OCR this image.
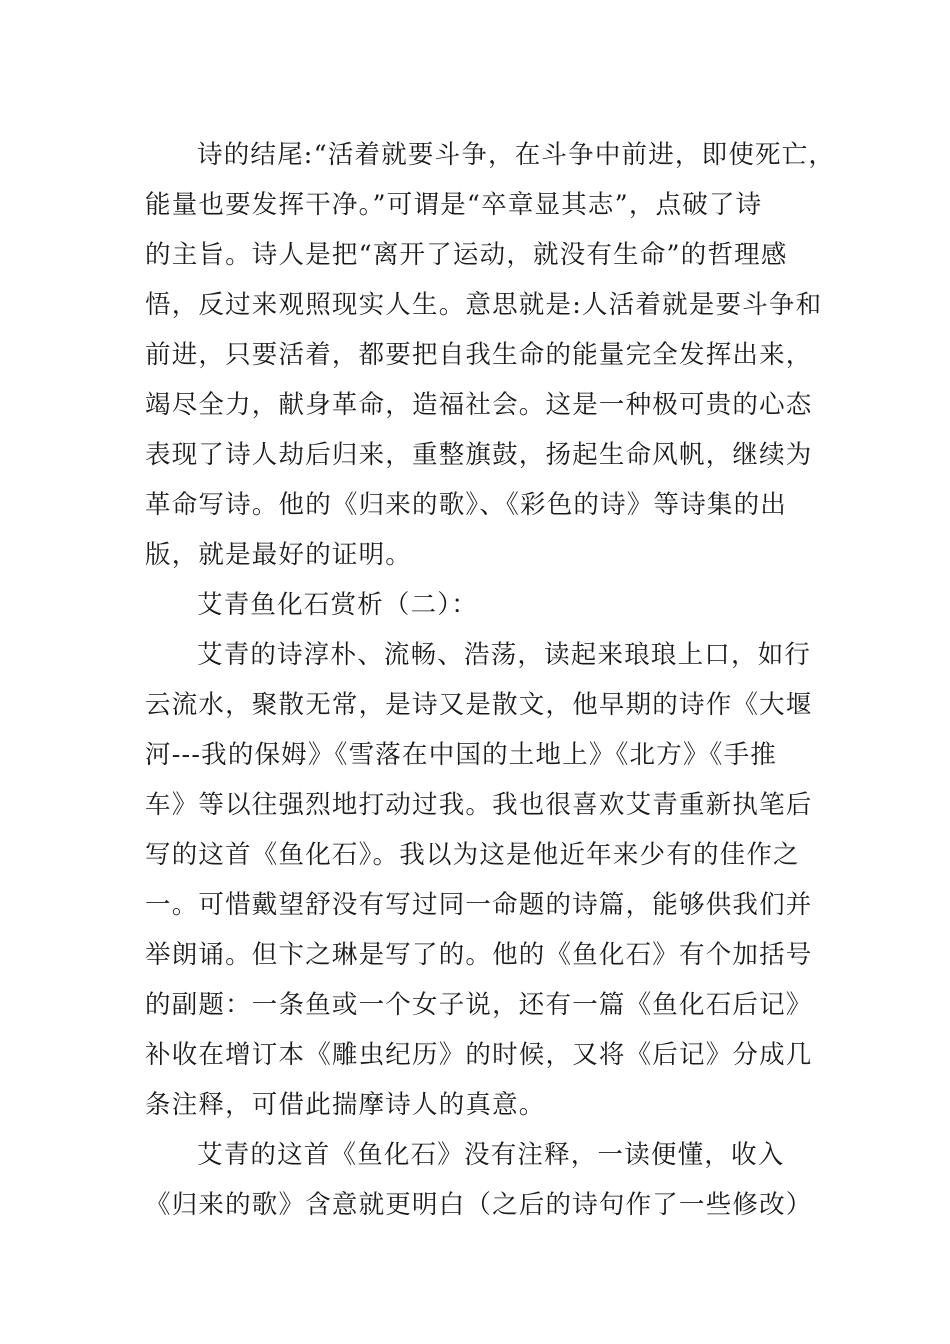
诗的结尾:“活着就要斗争，在斗争中前进，即使死亡，
能量也要发挥干净。”可谓是“卒章显其志”，点破了诗
的主旨。诗人是把“离开了运动，就没有生命”的哲理感
悟，反过来观照现实人生。意思就是:人活着就是要斗争和
前进，只要活着，都要把自我生命的能量完全发挥出来，
竭尽全力，献身革命，造福社会。这是一种极可贵的心态
表现了诗人劫后归来，重整旗鼓，扬起生命风帆，继续为
革命写诗。他的《归来的歌》、《彩色的诗》等诗集的出
版，就是最好的证明。
艾青鱼化石赏析（二）：
艾青的诗淳朴、流畅、浩荡，读起来琅琅上口，如行
云流水，聚散无常，是诗又是散文，他早期的诗作《大堰
河---我的保姆》《雪落在中国的土地上》《北方》《手推
车》等以往强烈地打动过我。我也很喜欢艾青重新执笔后
写的这首《鱼化石》。我以为这是他近年来少有的佳作之
一。可惜戴望舒没有写过同一命题的诗篇，能够供我们并
举朗诵。但卞之琳是写了的。他的《鱼化石》有个加括号
的副题：一条鱼或一个女子说，还有一篇《鱼化石后记》
补收在增订本《雕虫纪历》的时候，又将《后记》分成几
条注释，可借此揣摩诗人的真意。
艾青的这首《鱼化石》没有注释，一读便懂，收入
《归来的歌》含意就更明白（之后的诗句作了一些修改）
